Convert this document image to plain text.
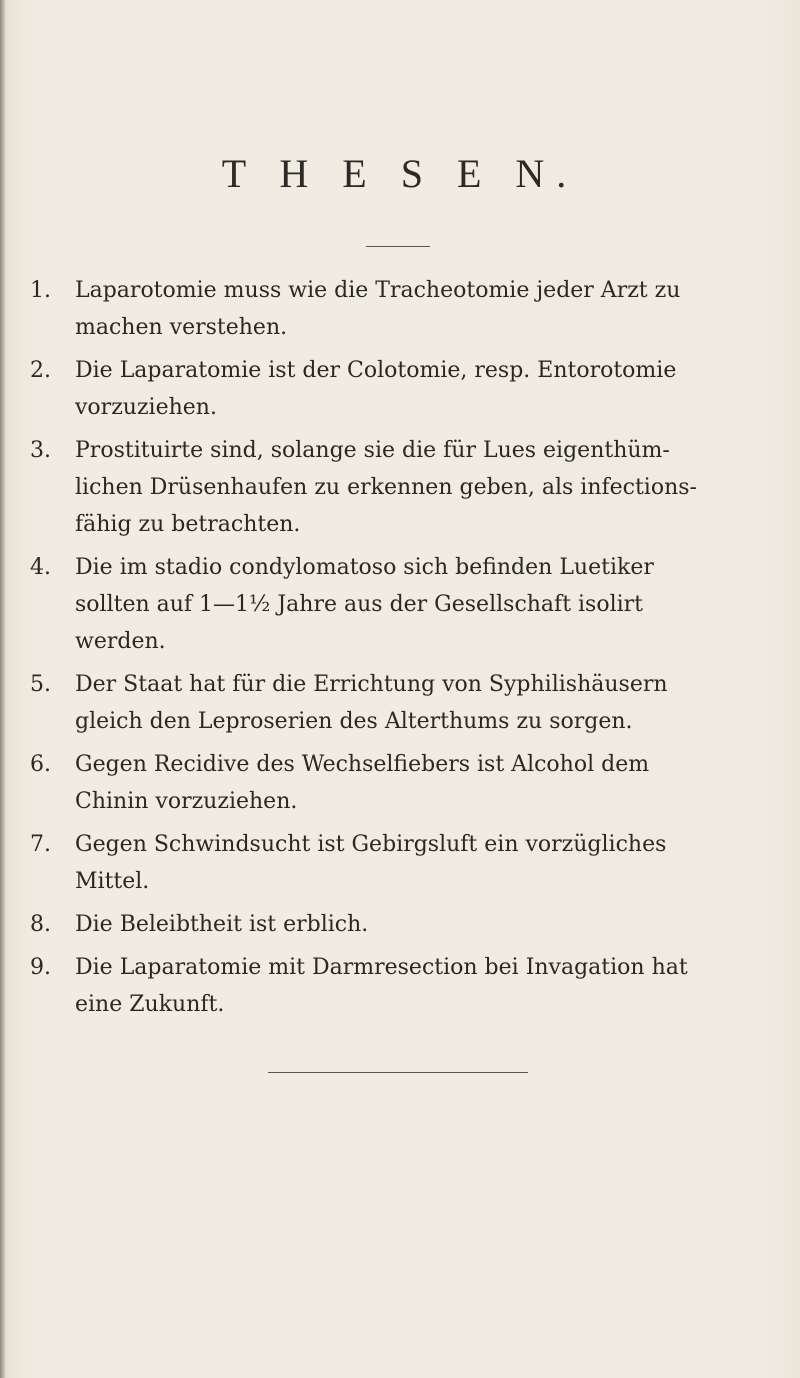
T H E S E N.
1.	Laparotomie muss wie die Tracheotomie jeder Arzt zu machen verstehen.
2.	Die Laparatomie ist der Colotomie, resp. Entorotomie vorzuziehen.
3.	Prostituirte sind, solange sie die für Lues eigenthüm-lichen Drüsenhaufen zu erkennen geben, als infections-fähig zu betrachten.
4.	Die im stadio condylomatoso sich befinden Luetiker sollten auf 1—1½ Jahre aus der Gesellschaft isolirt werden.
5.	Der Staat hat für die Errichtung von Syphilishäusern gleich den Leproserien des Alterthums zu sorgen.
6.	Gegen Recidive des Wechselfiebers ist Alcohol dem Chinin vorzuziehen.
7.	Gegen Schwindsucht ist Gebirgsluft ein vorzügliches Mittel.
8.	Die Beleibtheit ist erblich.
9.	Die Laparatomie mit Darmresection bei Invagation hat eine Zukunft.
